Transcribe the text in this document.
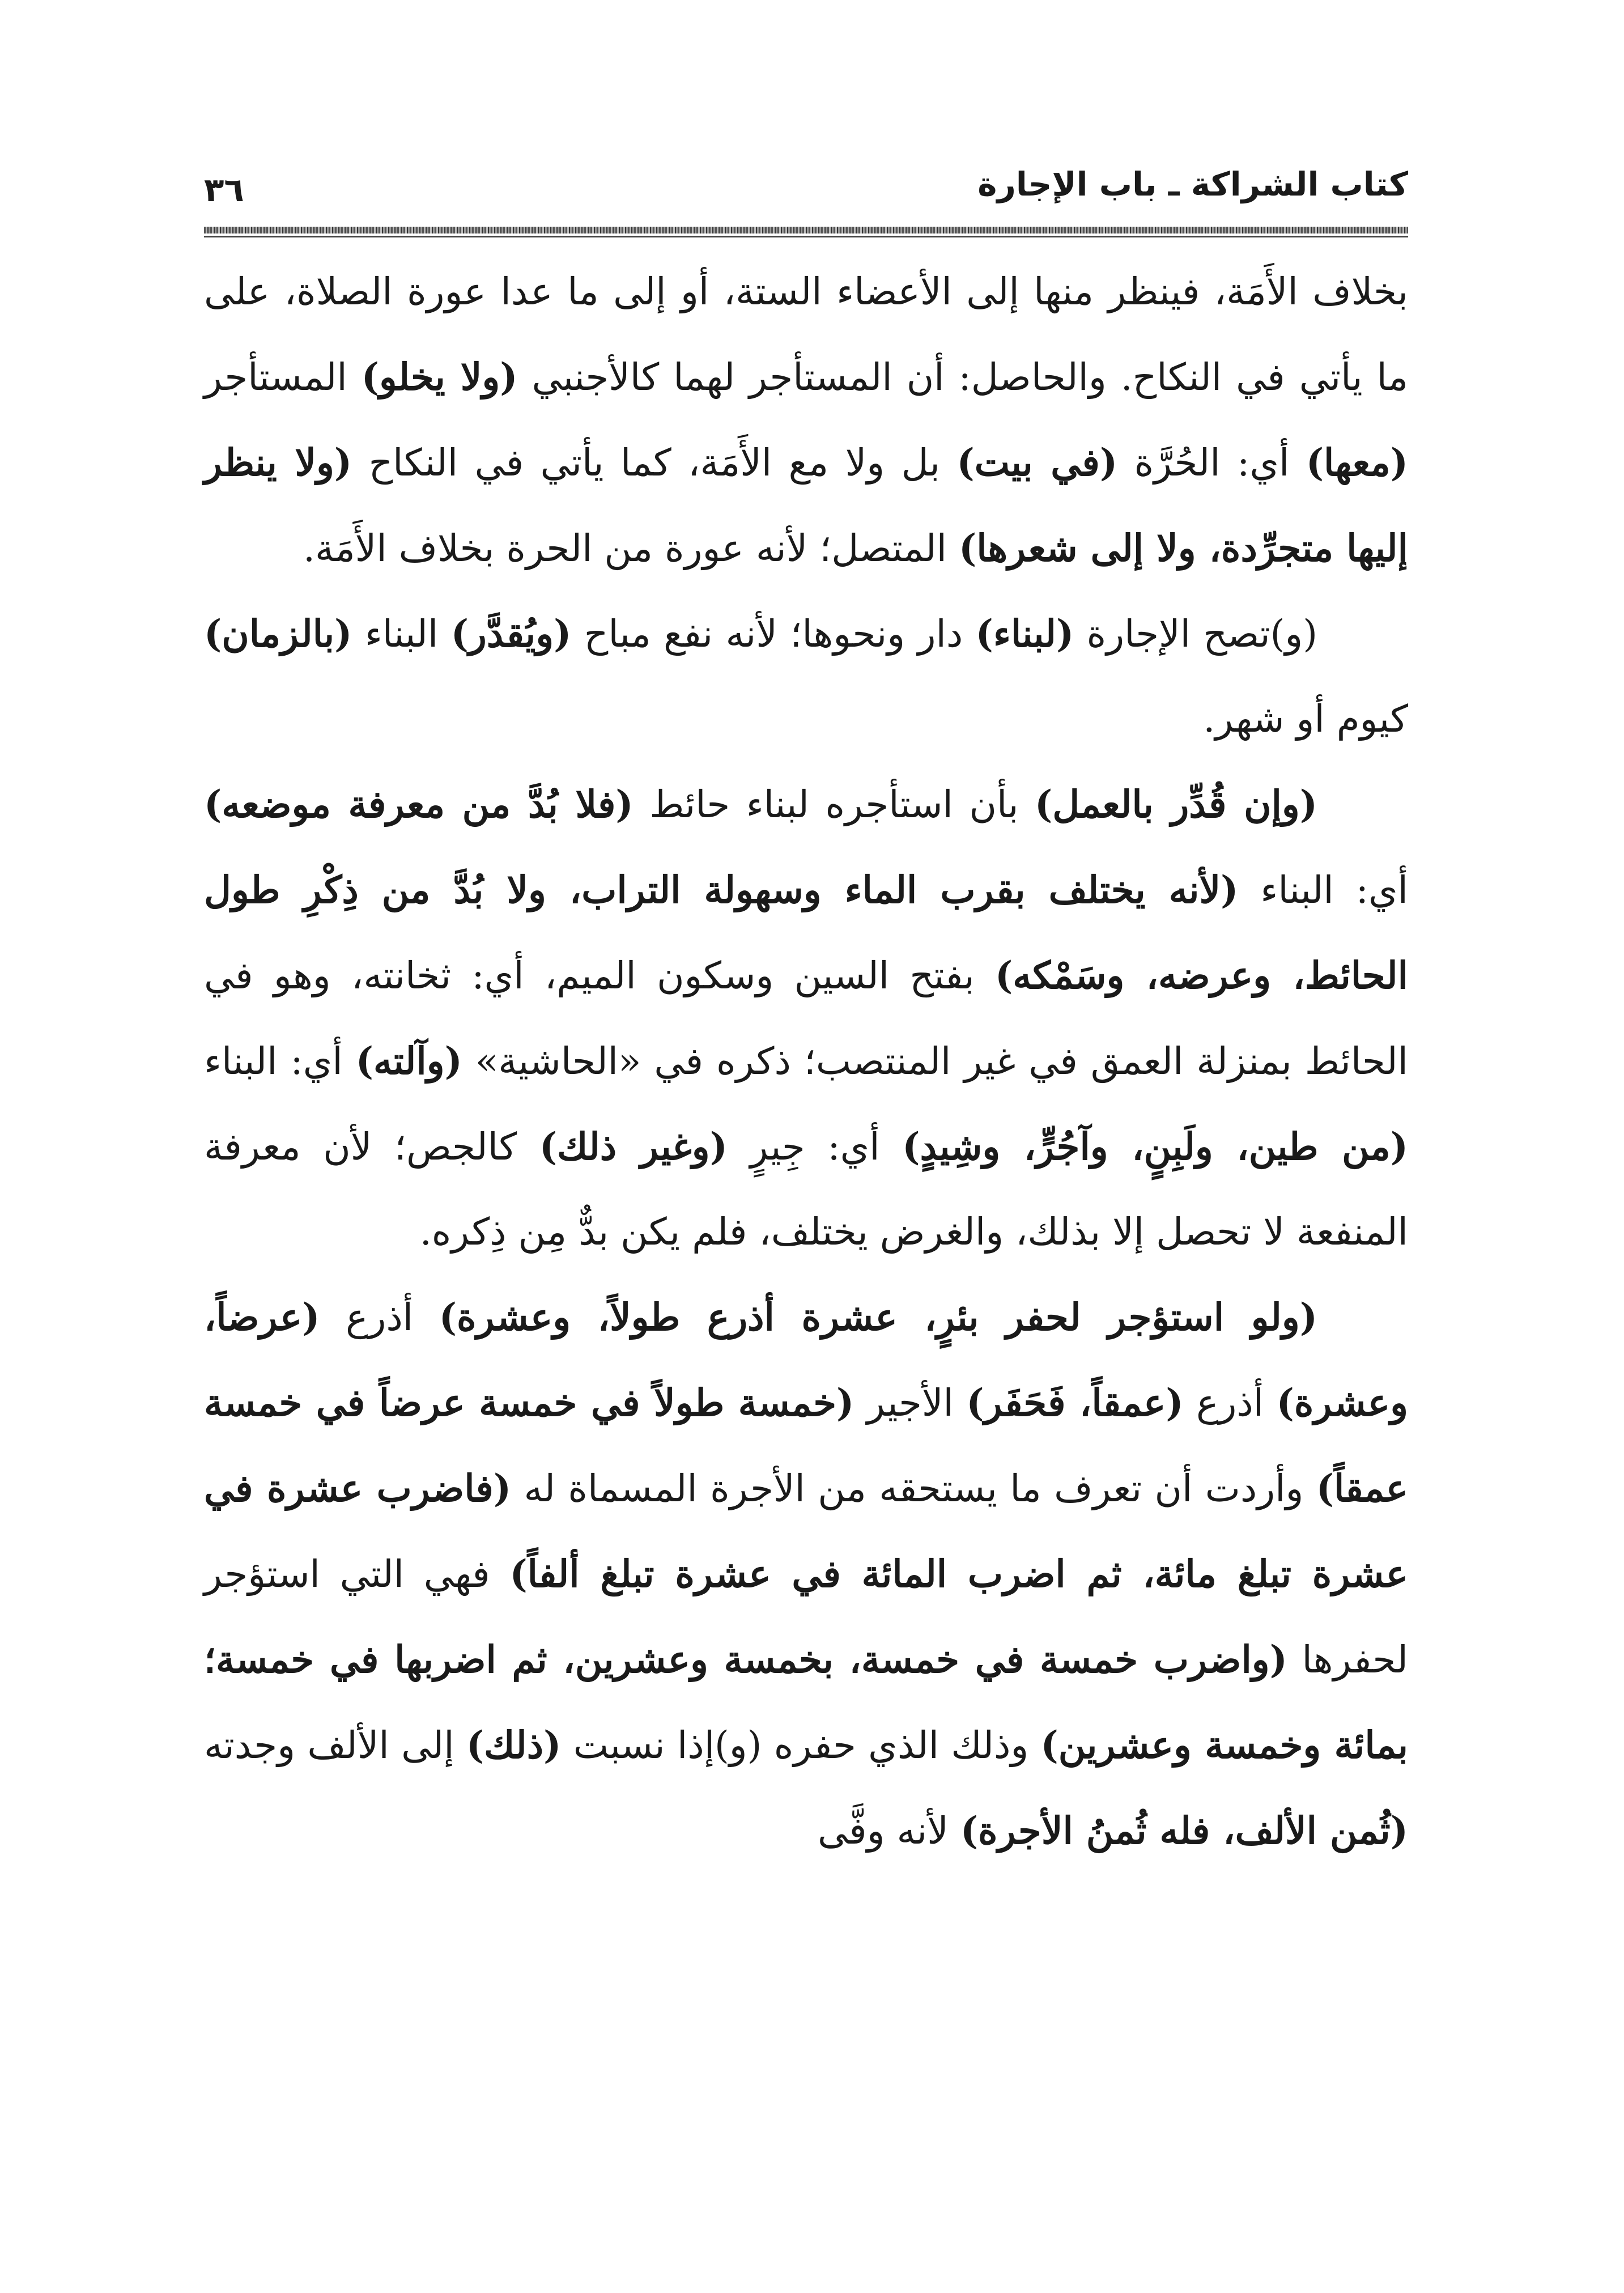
كتاب الشراكة ـ باب الإجارة
٣٦

بخلاف الأَمَة، فينظر منها إلى الأعضاء الستة، أو إلى ما عدا عورة الصلاة، على ما يأتي في النكاح. والحاصل: أن المستأجر لهما كالأجنبي (ولا يخلو) المستأجر (معها) أي: الحُرَّة (في بيت) بل ولا مع الأَمَة، كما يأتي في النكاح (ولا ينظر إليها متجرِّدة، ولا إلى شعرها) المتصل؛ لأنه عورة من الحرة بخلاف الأَمَة.

(و)تصح الإجارة (لبناء) دار ونحوها؛ لأنه نفع مباح (ويُقدَّر) البناء (بالزمان) كيوم أو شهر.

(وإن قُدِّر بالعمل) بأن استأجره لبناء حائط (فلا بُدَّ من معرفة موضعه) أي: البناء (لأنه يختلف بقرب الماء وسهولة التراب، ولا بُدَّ من ذِكْرِ طول الحائط، وعرضه، وسَمْكه) بفتح السين وسكون الميم، أي: ثخانته، وهو في الحائط بمنزلة العمق في غير المنتصب؛ ذكره في «الحاشية» (وآلته) أي: البناء (من طين، ولَبِنٍ، وآجُرٍّ، وشِيدٍ) أي: جِيرٍ (وغير ذلك) كالجص؛ لأن معرفة المنفعة لا تحصل إلا بذلك، والغرض يختلف، فلم يكن بدٌّ مِن ذِكره.

(ولو استؤجر لحفر بئرٍ، عشرة أذرع طولاً، وعشرة) أذرع (عرضاً، وعشرة) أذرع (عمقاً، فَحَفَر) الأجير (خمسة طولاً في خمسة عرضاً في خمسة عمقاً) وأردت أن تعرف ما يستحقه من الأجرة المسماة له (فاضرب عشرة في عشرة تبلغ مائة، ثم اضرب المائة في عشرة تبلغ ألفاً) فهي التي استؤجر لحفرها (واضرب خمسة في خمسة، بخمسة وعشرين، ثم اضربها في خمسة؛ بمائة وخمسة وعشرين) وذلك الذي حفره (و)إذا نسبت (ذلك) إلى الألف وجدته (ثُمن الألف، فله ثُمنُ الأجرة) لأنه وفَّى
